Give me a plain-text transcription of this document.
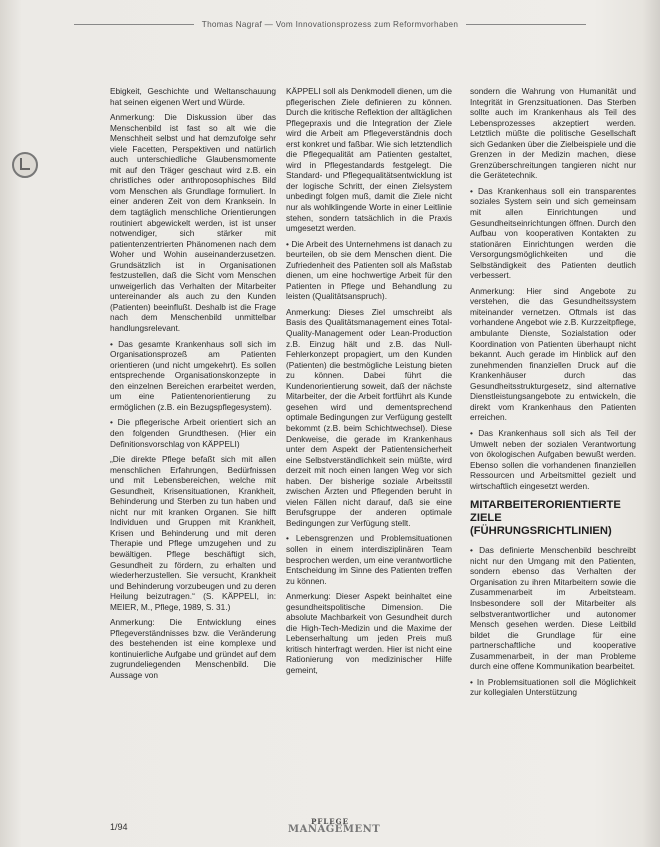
Thomas Nagraf — Vom Innovationsprozess zum Reformvorhaben

Ebigkeit, Geschichte und Weltanschauung hat seinen eigenen Wert und Würde.

Anmerkung: Die Diskussion über das Menschenbild ist fast so alt wie die Menschheit selbst und hat demzufolge sehr viele Facetten, Perspektiven und natürlich auch unterschiedliche Glaubensmomente mit auf den Träger geschaut wird z.B. ein christliches oder anthroposophisches Bild vom Menschen als Grundlage formuliert. In einer anderen Zeit von dem Kranksein. In dem tagtäglich menschliche Orientierungen routiniert abgewickelt werden, ist ist unser notwendiger, sich stärker mit patientenzentrierten Phänomenen nach dem Woher und Wohin auseinanderzusetzen. Grundsätzlich ist in Organisationen festzustellen, daß die Sicht vom Menschen unweigerlich das Verhalten der Mitarbeiter untereinander als auch zu den Kunden (Patienten) beeinflußt. Deshalb ist die Frage nach dem Menschenbild unmittelbar handlungsrelevant.

• Das gesamte Krankenhaus soll sich im Organisationsprozeß am Patienten orientieren (und nicht umgekehrt). Es sollen entsprechende Organisationskonzepte in den einzelnen Bereichen erarbeitet werden, um eine Patientenorientierung zu ermöglichen (z.B. ein Bezugspflegesystem).

• Die pflegerische Arbeit orientiert sich an den folgenden Grundthesen. (Hier ein Definitionsvorschlag von KÄPPELI)

„Die direkte Pflege befaßt sich mit allen menschlichen Erfahrungen, Bedürfnissen und mit Lebensbereichen, welche mit Gesundheit, Krisensituationen, Krankheit, Behinderung und Sterben zu tun haben und nicht nur mit kranken Organen. Sie hilft Individuen und Gruppen mit Krankheit, Krisen und Behinderung und mit deren Therapie und Pflege umzugehen und zu bewältigen. Pflege beschäftigt sich, Gesundheit zu fördern, zu erhalten und wiederherzustellen. Sie versucht, Krankheit und Behinderung vorzubeugen und zu deren Heilung beizutragen.“ (S. KÄPPELI, in: MEIER, M., Pflege, 1989, S. 31.)

Anmerkung: Die Entwicklung eines Pflegeverständnisses bzw. die Veränderung des bestehenden ist eine komplexe und kontinuierliche Aufgabe und gründet auf dem zugrundeliegenden Menschenbild. Die Aussage von

KÄPPELI soll als Denkmodell dienen, um die pflegerischen Ziele definieren zu können. Durch die kritische Reflektion der alltäglichen Pflegepraxis und die Integration der Ziele wird die Arbeit am Pflegeverständnis doch erst konkret und faßbar. Wie sich letztendlich die Pflegequalität am Patienten gestaltet, wird in Pflegestandards festgelegt. Die Standard- und Pflegequalitätsentwicklung ist der logische Schritt, der einen Zielsystem unbedingt folgen muß, damit die Ziele nicht nur als wohlklingende Worte in einer Leitlinie stehen, sondern tatsächlich in die Praxis umgesetzt werden.

• Die Arbeit des Unternehmens ist danach zu beurteilen, ob sie dem Menschen dient. Die Zufriedenheit des Patienten soll als Maßstab dienen, um eine hochwertige Arbeit für den Patienten in Pflege und Behandlung zu leisten (Qualitätsanspruch).

Anmerkung: Dieses Ziel umschreibt als Basis des Qualitätsmanagement eines Total-Quality-Management oder Lean-Production z.B. Einzug hält und z.B. das Null-Fehlerkonzept propagiert, um den Kunden (Patienten) die bestmögliche Leistung bieten zu können. Dabei führt die Kundenorientierung soweit, daß der nächste Mitarbeiter, der die Arbeit fortführt als Kunde gesehen wird und dementsprechend optimale Bedingungen zur Verfügung gestellt bekommt (z.B. beim Schichtwechsel). Diese Denkweise, die gerade im Krankenhaus unter dem Aspekt der Patientensicherheit eine Selbstverständlichkeit sein müßte, wird derzeit mit noch einen langen Weg vor sich haben. Der bisherige soziale Arbeitsstil zwischen Ärzten und Pflegenden beruht in vielen Fällen nicht darauf, daß sie eine Berufsgruppe der anderen optimale Bedingungen zur Verfügung stellt.

• Lebensgrenzen und Problemsituationen sollen in einem interdisziplinären Team besprochen werden, um eine verantwortliche Entscheidung im Sinne des Patienten treffen zu können.

Anmerkung: Dieser Aspekt beinhaltet eine gesundheitspolitische Dimension. Die absolute Machbarkeit von Gesundheit durch die High-Tech-Medizin und die Maxime der Lebenserhaltung um jeden Preis muß kritisch hinterfragt werden. Hier ist nicht eine Rationierung von medizinischer Hilfe gemeint,

sondern die Wahrung von Humanität und Integrität in Grenzsituationen. Das Sterben sollte auch im Krankenhaus als Teil des Lebensprozesses akzeptiert werden. Letztlich müßte die politische Gesellschaft sich Gedanken über die Zielbeispiele und die Grenzen in der Medizin machen, diese Grenzüberschreitungen tangieren nicht nur die Gerätetechnik.

• Das Krankenhaus soll ein transparentes soziales System sein und sich gemeinsam mit allen Einrichtungen und Gesundheitseinrichtungen öffnen. Durch den Aufbau von kooperativen Kontakten zu stationären Einrichtungen werden die Versorgungsmöglichkeiten und die Selbständigkeit des Patienten deutlich verbessert.

Anmerkung: Hier sind Angebote zu verstehen, die das Gesundheitssystem miteinander vernetzen. Oftmals ist das vorhandene Angebot wie z.B. Kurzzeitpflege, ambulante Dienste, Sozialstation oder Koordination von Patienten überhaupt nicht bekannt. Auch gerade im Hinblick auf den zunehmenden finanziellen Druck auf die Krankenhäuser durch das Gesundheitsstrukturgesetz, sind alternative Dienstleistungsangebote zu entwickeln, die direkt vom Krankenhaus den Patienten erreichen.

• Das Krankenhaus soll sich als Teil der Umwelt neben der sozialen Verantwortung von ökologischen Aufgaben bewußt werden. Ebenso sollen die vorhandenen finanziellen Ressourcen und Arbeitsmittel gezielt und wirtschaftlich eingesetzt werden.

MITARBEITERORIENTIERTE ZIELE (FÜHRUNGSRICHTLINIEN)

• Das definierte Menschenbild beschreibt nicht nur den Umgang mit den Patienten, sondern ebenso das Verhalten der Organisation zu ihren Mitarbeitern sowie die Zusammenarbeit im Arbeitsteam. Insbesondere soll der Mitarbeiter als selbstverantwortlicher und autonomer Mensch gesehen werden. Diese Leitbild bildet die Grundlage für eine partnerschaftliche und kooperative Zusammenarbeit, in der man Probleme durch eine offene Kommunikation bearbeitet.

• In Problemsituationen soll die Möglichkeit zur kollegialen Unterstützung

1/94
PFLEGE
MANAGEMENT
